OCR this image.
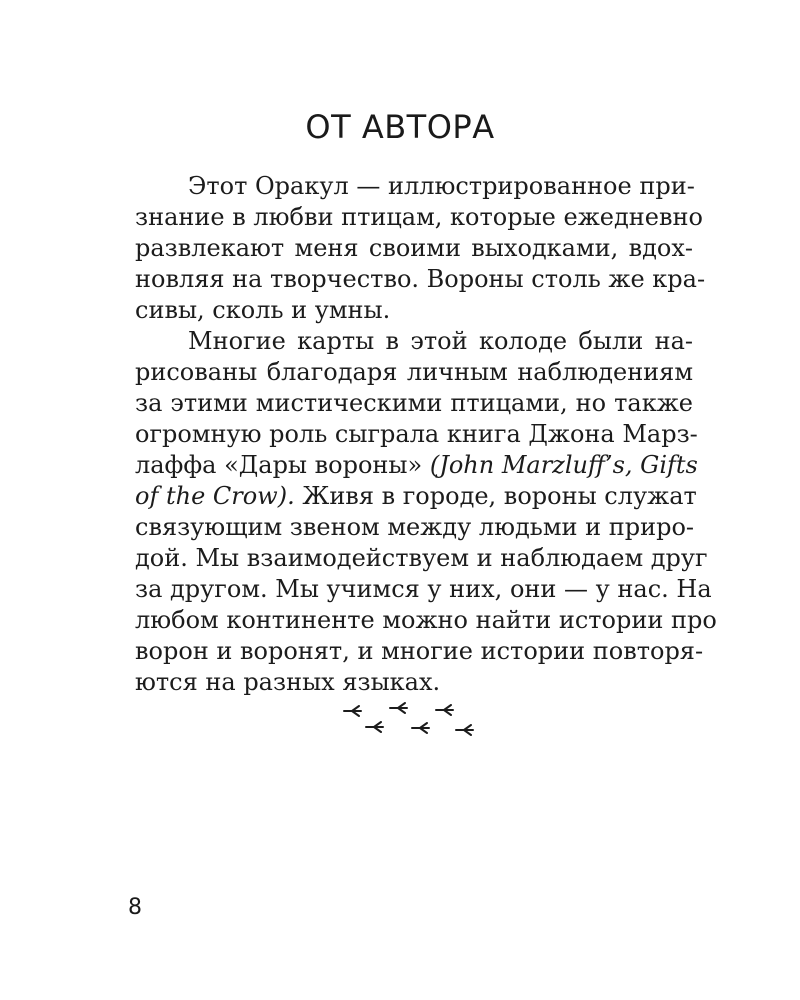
ОТ АВТОРА
Этот Оракул — иллюстрированное при-
знание в любви птицам, которые ежедневно
развлекают меня своими выходками, вдох-
новляя на творчество. Вороны столь же кра-
сивы, сколь и умны.
Многие карты в этой колоде были на-
рисованы благодаря личным наблюдениям
за этими мистическими птицами, но также
огромную роль сыграла книга Джона Марз-
лаффа «Дары вороны» (John Marzluff’s, Gifts
of the Crow). Живя в городе, вороны служат
связующим звеном между людьми и приро-
дой. Мы взаимодействуем и наблюдаем друг
за другом. Мы учимся у них, они — у нас. На
любом континенте можно найти истории про
ворон и воронят, и многие истории повторя-
ются на разных языках.
8
